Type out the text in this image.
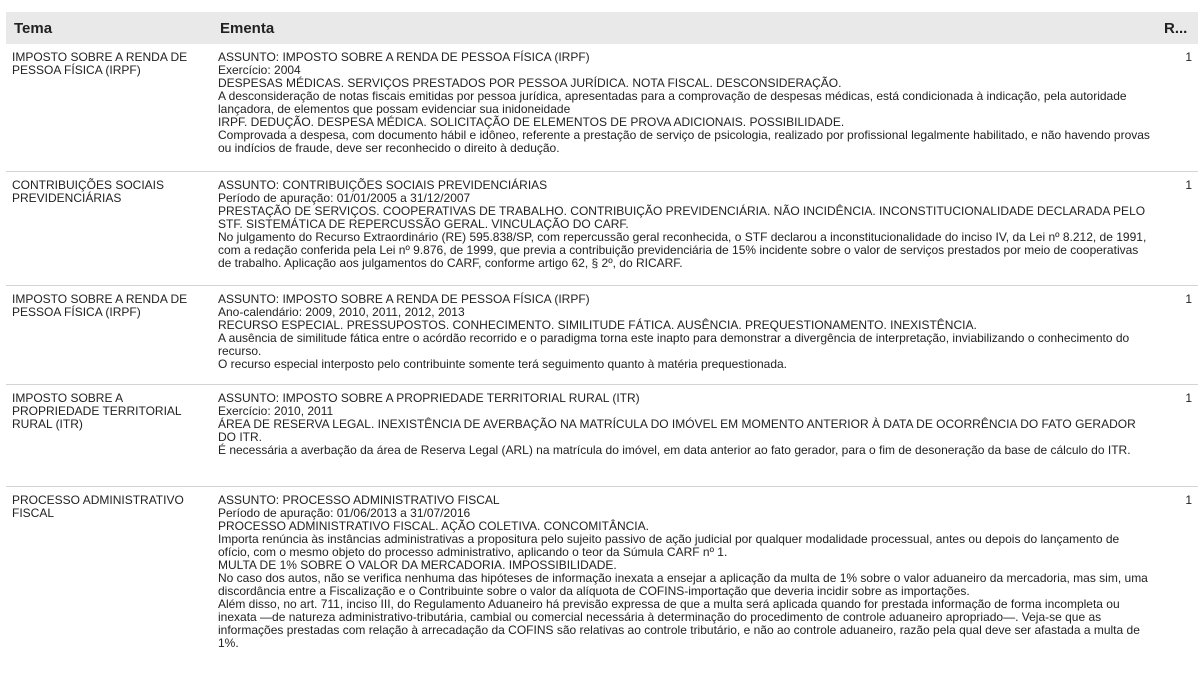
Tema	Ementa	R...
IMPOSTO SOBRE A RENDA DE PESSOA FÍSICA (IRPF)
ASSUNTO: IMPOSTO SOBRE A RENDA DE PESSOA FÍSICA (IRPF)
Exercício: 2004
DESPESAS MÉDICAS. SERVIÇOS PRESTADOS POR PESSOA JURÍDICA. NOTA FISCAL. DESCONSIDERAÇÃO.
A desconsideração de notas fiscais emitidas por pessoa jurídica, apresentadas para a comprovação de despesas médicas, está condicionada à indicação, pela autoridade lançadora, de elementos que possam evidenciar sua inidoneidade
IRPF. DEDUÇÃO. DESPESA MÉDICA. SOLICITAÇÃO DE ELEMENTOS DE PROVA ADICIONAIS. POSSIBILIDADE.
Comprovada a despesa, com documento hábil e idôneo, referente a prestação de serviço de psicologia, realizado por profissional legalmente habilitado, e não havendo provas ou indícios de fraude, deve ser reconhecido o direito à dedução.
1
CONTRIBUIÇÕES SOCIAIS PREVIDENCIÁRIAS
ASSUNTO: CONTRIBUIÇÕES SOCIAIS PREVIDENCIÁRIAS
Período de apuração: 01/01/2005 a 31/12/2007
PRESTAÇÃO DE SERVIÇOS. COOPERATIVAS DE TRABALHO. CONTRIBUIÇÃO PREVIDENCIÁRIA. NÃO INCIDÊNCIA. INCONSTITUCIONALIDADE DECLARADA PELO STF. SISTEMÁTICA DE REPERCUSSÃO GERAL. VINCULAÇÃO DO CARF.
No julgamento do Recurso Extraordinário (RE) 595.838/SP, com repercussão geral reconhecida, o STF declarou a inconstitucionalidade do inciso IV, da Lei nº 8.212, de 1991, com a redação conferida pela Lei nº 9.876, de 1999, que previa a contribuição previdenciária de 15% incidente sobre o valor de serviços prestados por meio de cooperativas de trabalho. Aplicação aos julgamentos do CARF, conforme artigo 62, § 2º, do RICARF.
1
IMPOSTO SOBRE A RENDA DE PESSOA FÍSICA (IRPF)
ASSUNTO: IMPOSTO SOBRE A RENDA DE PESSOA FÍSICA (IRPF)
Ano-calendário: 2009, 2010, 2011, 2012, 2013
RECURSO ESPECIAL. PRESSUPOSTOS. CONHECIMENTO. SIMILITUDE FÁTICA. AUSÊNCIA. PREQUESTIONAMENTO. INEXISTÊNCIA.
A ausência de similitude fática entre o acórdão recorrido e o paradigma torna este inapto para demonstrar a divergência de interpretação, inviabilizando o conhecimento do recurso.
O recurso especial interposto pelo contribuinte somente terá seguimento quanto à matéria prequestionada.
1
IMPOSTO SOBRE A PROPRIEDADE TERRITORIAL RURAL (ITR)
ASSUNTO: IMPOSTO SOBRE A PROPRIEDADE TERRITORIAL RURAL (ITR)
Exercício: 2010, 2011
ÁREA DE RESERVA LEGAL. INEXISTÊNCIA DE AVERBAÇÃO NA MATRÍCULA DO IMÓVEL EM MOMENTO ANTERIOR À DATA DE OCORRÊNCIA DO FATO GERADOR DO ITR.
É necessária a averbação da área de Reserva Legal (ARL) na matrícula do imóvel, em data anterior ao fato gerador, para o fim de desoneração da base de cálculo do ITR.
1
PROCESSO ADMINISTRATIVO FISCAL
ASSUNTO: PROCESSO ADMINISTRATIVO FISCAL
Período de apuração: 01/06/2013 a 31/07/2016
PROCESSO ADMINISTRATIVO FISCAL. AÇÃO COLETIVA. CONCOMITÂNCIA.
Importa renúncia às instâncias administrativas a propositura pelo sujeito passivo de ação judicial por qualquer modalidade processual, antes ou depois do lançamento de ofício, com o mesmo objeto do processo administrativo, aplicando o teor da Súmula CARF nº 1.
MULTA DE 1% SOBRE O VALOR DA MERCADORIA. IMPOSSIBILIDADE.
No caso dos autos, não se verifica nenhuma das hipóteses de informação inexata a ensejar a aplicação da multa de 1% sobre o valor aduaneiro da mercadoria, mas sim, uma discordância entre a Fiscalização e o Contribuinte sobre o valor da alíquota de COFINS-importação que deveria incidir sobre as importações.
Além disso, no art. 711, inciso III, do Regulamento Aduaneiro há previsão expressa de que a multa será aplicada quando for prestada informação de forma incompleta ou inexata —de natureza administrativo-tributária, cambial ou comercial necessária à determinação do procedimento de controle aduaneiro apropriado—. Veja-se que as informações prestadas com relação à arrecadação da COFINS são relativas ao controle tributário, e não ao controle aduaneiro, razão pela qual deve ser afastada a multa de 1%.
1
